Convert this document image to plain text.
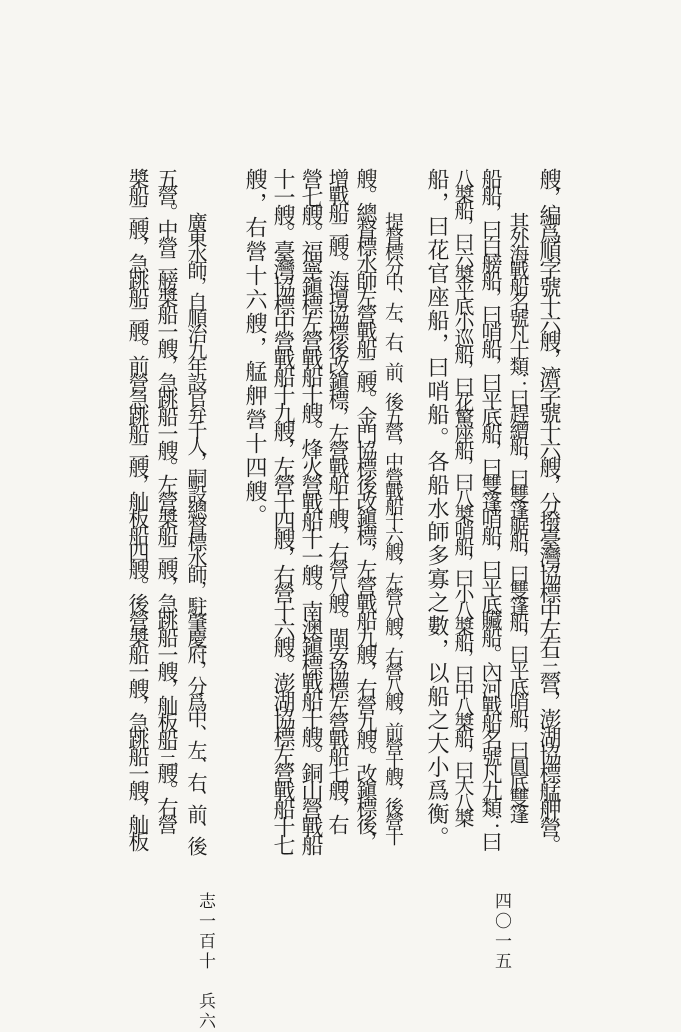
艘，編爲順字號十六艘，濟字號十六艘，分撥臺灣協標中左右三營，澎湖協標艋舺營。
其外海戰船名號凡十類：曰趕繒船，曰雙篷艍船，曰雙篷船，曰平底哨船，曰圓底雙篷
船船，曰白艕船，曰哨船，曰平底船，曰雙篷哨船，曰平底贜船。內河戰船名號凡九類：曰
八槳船，曰六槳平底小巡船，曰花驚座船，曰八槳哨船，曰小八槳船，曰中八槳船，曰大八槳
船，曰花官座船，曰哨船。各船水師多寡之數，以船之大小爲衡。
提督標分中、左、右、前、後五營，中營戰船十六艘，左營八艘，右營八艘，前營十艘，後營十
艘。總督標水師左營戰船二艘。金門協標後改鎭標，左營戰船九艘，右營九艘。改鎭標後，
增戰船二艘。海壇協標後改鎭標，左營戰船十艘，右營八艘。閩安協標左營戰船七艘，右
營七艘。福寧鎭標左營戰船十艘。烽火營戰船十一艘。南澳鎭標戰船十艘。銅山營戰船
十一艘。臺灣協標中營戰船十九艘，左營十四艘，右營十六艘。澎湖協標左營戰船十七
艘，右營十六艘，艋舺營十四艘。
廣東水師，自順治九年設官弁千人，嗣設總督標水師，駐肇慶府，分爲中、左、右、前、後
五營。中營二艕槳船一艘，急跳船一艘。左營槳船二艘，急跳船一艘，舢板船三艘。右營
槳船二艘，急跳船二艘。前營急跳船二艘，舢板船四艘。後營槳船一艘，急跳船一艘，舢板
志一百十　兵六	四〇一五
